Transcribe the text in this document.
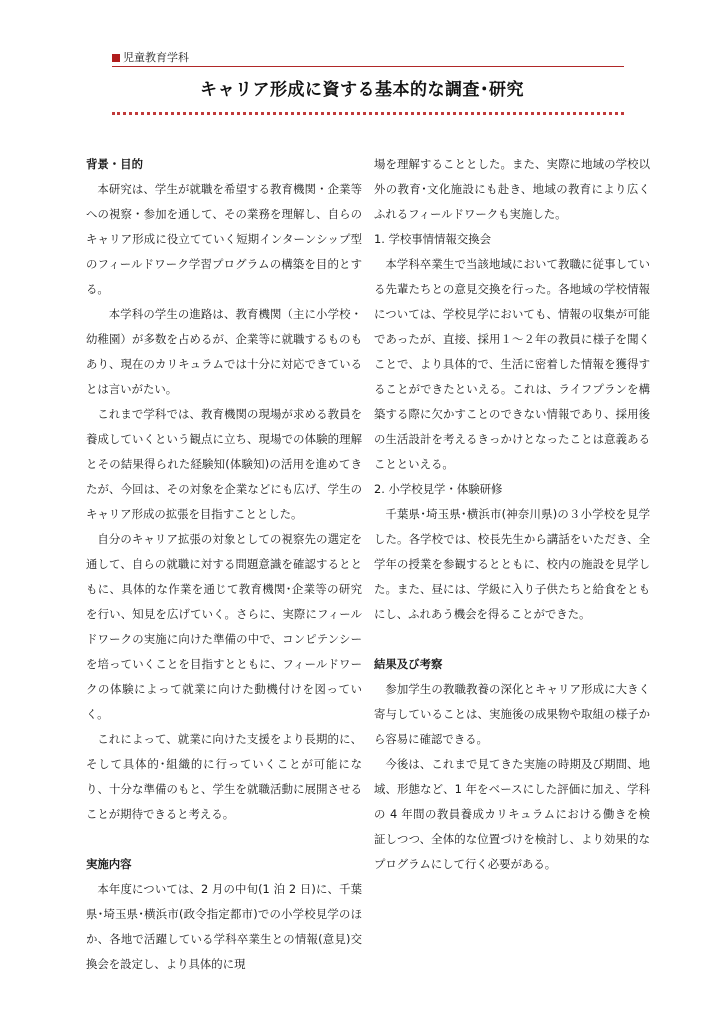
児童教育学科
キャリア形成に資する基本的な調査･研究

背景・目的

本研究は、学生が就職を希望する教育機関・企業等への視察・参加を通して、その業務を理解し、自らのキャリア形成に役立てていく短期インターンシップ型のフィールドワーク学習プログラムの構築を目的とする。

本学科の学生の進路は、教育機関（主に小学校・幼稚園）が多数を占めるが、企業等に就職するものもあり、現在のカリキュラムでは十分に対応できているとは言いがたい。

これまで学科では、教育機関の現場が求める教員を養成していくという観点に立ち、現場での体験的理解とその結果得られた経験知(体験知)の活用を進めてきたが、今回は、その対象を企業などにも広げ、学生のキャリア形成の拡張を目指すこととした。

自分のキャリア拡張の対象としての視察先の選定を通して、自らの就職に対する問題意識を確認するとともに、具体的な作業を通じて教育機関･企業等の研究を行い、知見を広げていく。さらに、実際にフィールドワークの実施に向けた準備の中で、コンピテンシーを培っていくことを目指すとともに、フィールドワークの体験によって就業に向けた動機付けを図っていく。

これによって、就業に向けた支援をより長期的に、そして具体的･組織的に行っていくことが可能になり、十分な準備のもと、学生を就職活動に展開させることが期待できると考える。

実施内容

本年度については、2 月の中旬(1 泊 2 日)に、千葉県･埼玉県･横浜市(政令指定都市)での小学校見学のほか、各地で活躍している学科卒業生との情報(意見)交換会を設定し、より具体的に現

場を理解することとした。また、実際に地域の学校以外の教育･文化施設にも赴き、地域の教育により広くふれるフィールドワークも実施した。

1. 学校事情情報交換会

本学科卒業生で当該地域において教職に従事している先輩たちとの意見交換を行った。各地域の学校情報については、学校見学においても、情報の収集が可能であったが、直接、採用１～２年の教員に様子を聞くことで、より具体的で、生活に密着した情報を獲得することができたといえる。これは、ライフプランを構築する際に欠かすことのできない情報であり、採用後の生活設計を考えるきっかけとなったことは意義あることといえる。

2. 小学校見学・体験研修

千葉県･埼玉県･横浜市(神奈川県)の３小学校を見学した。各学校では、校長先生から講話をいただき、全学年の授業を参観するとともに、校内の施設を見学した。また、昼には、学級に入り子供たちと給食をともにし、ふれあう機会を得ることができた。

結果及び考察

参加学生の教職教養の深化とキャリア形成に大きく寄与していることは、実施後の成果物や取組の様子から容易に確認できる。

今後は、これまで見てきた実施の時期及び期間、地域、形態など、1 年をベースにした評価に加え、学科の 4 年間の教員養成カリキュラムにおける働きを検証しつつ、全体的な位置づけを検討し、より効果的なプログラムにして行く必要がある。
